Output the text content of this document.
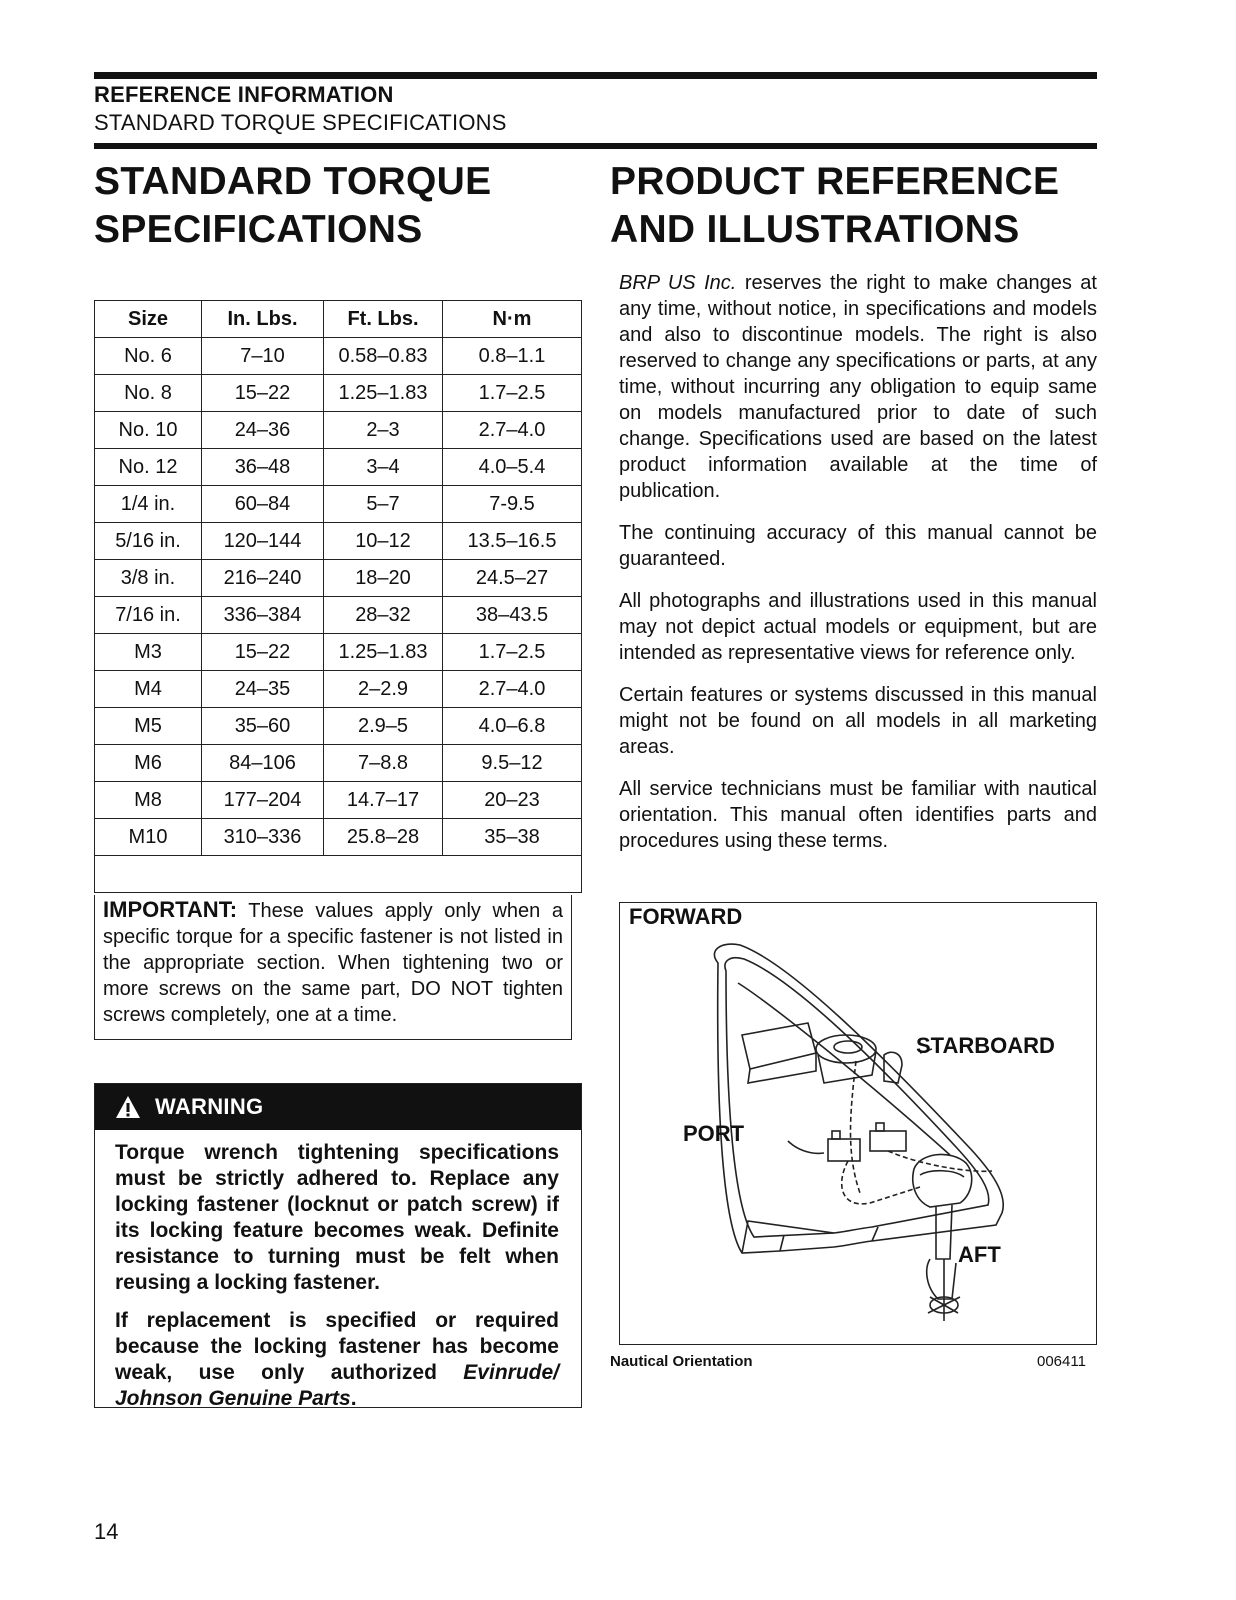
REFERENCE INFORMATION
STANDARD TORQUE SPECIFICATIONS
STANDARD TORQUE
SPECIFICATIONS
Size	In. Lbs.	Ft. Lbs.	N·m
No. 6	7–10	0.58–0.83	0.8–1.1
No. 8	15–22	1.25–1.83	1.7–2.5
No. 10	24–36	2–3	2.7–4.0
No. 12	36–48	3–4	4.0–5.4
1/4 in.	60–84	5–7	7-9.5
5/16 in.	120–144	10–12	13.5–16.5
3/8 in.	216–240	18–20	24.5–27
7/16 in.	336–384	28–32	38–43.5
M3	15–22	1.25–1.83	1.7–2.5
M4	24–35	2–2.9	2.7–4.0
M5	35–60	2.9–5	4.0–6.8
M6	84–106	7–8.8	9.5–12
M8	177–204	14.7–17	20–23
M10	310–336	25.8–28	35–38

IMPORTANT: These values apply only when a specific torque for a specific fastener is not listed in the appropriate section. When tightening two or more screws on the same part, DO NOT tighten screws completely, one at a time.
WARNING

Torque wrench tightening specifications must be strictly adhered to. Replace any locking fastener (locknut or patch screw) if its locking feature becomes weak. Definite resistance to turning must be felt when reusing a locking fastener.

If replacement is specified or required because the locking fastener has become weak, use only authorized Evinrude/ Johnson Genuine Parts.

PRODUCT REFERENCE
AND ILLUSTRATIONS

BRP US Inc. reserves the right to make changes at any time, without notice, in specifications and models and also to discontinue models. The right is also reserved to change any specifications or parts, at any time, without incurring any obligation to equip same on models manufactured prior to date of such change. Specifications used are based on the latest product information available at the time of publication.

The continuing accuracy of this manual cannot be guaranteed.

All photographs and illustrations used in this manual may not depict actual models or equipment, but are intended as representative views for reference only.

Certain features or systems discussed in this manual might not be found on all models in all marketing areas.

All service technicians must be familiar with nautical orientation. This manual often identifies parts and procedures using these terms.

FORWARD
STARBOARD
PORT
AFT
Nautical Orientation	006411
14
